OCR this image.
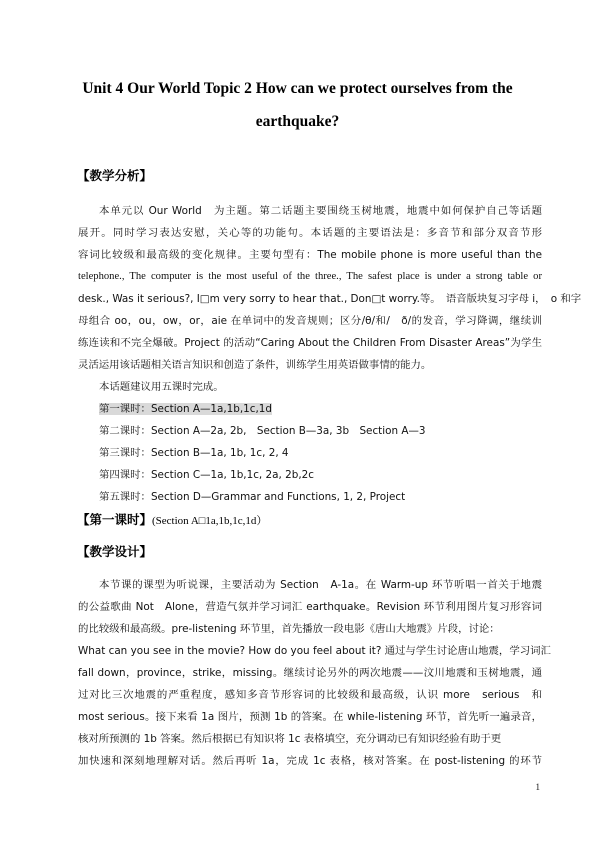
Unit 4 Our World Topic 2 How can we protect ourselves from the
earthquake?
【教学分析】
本单元以 Our World　为主题。第二话题主要围绕玉树地震，地震中如何保护自己等话题
展开。同时学习表达安慰，关心等的功能句。本话题的主要语法是：多音节和部分双音节形
容词比较级和最高级的变化规律。主要句型有：The mobile phone is more useful than the
telephone., The computer is the most useful of the three., The safest place is under a strong table or
desk., Was it serious?, I□m very sorry to hear that., Don□t worry.等。　语音版块复习字母 i，　o 和字
母组合 oo，ou，ow，or，aie 在单词中的发音规则；区分/θ/和/　ð/的发音，学习降调，继续训
练连读和不完全爆破。Project 的活动“Caring About the Children From Disaster Areas”为学生
灵活运用该话题相关语言知识和创造了条件，训练学生用英语做事情的能力。
本话题建议用五课时完成。
第一课时：Section A—1a,1b,1c,1d
第二课时：Section A—2a, 2b,　Section B—3a, 3b　Section A—3
第三课时：Section B—1a, 1b, 1c, 2, 4
第四课时：Section C—1a, 1b,1c, 2a, 2b,2c
第五课时：Section D—Grammar and Functions, 1, 2, Project
【第一课时】(Section A□1a,1b,1c,1d）
【教学设计】
本节课的课型为听说课，主要活动为 Section　A-1a。在 Warm-up 环节听唱一首关于地震
的公益歌曲 Not　Alone，营造气氛并学习词汇 earthquake。Revision 环节利用图片复习形容词
的比较级和最高级。pre-listening 环节里，首先播放一段电影《唐山大地震》片段，讨论：
What can you see in the movie? How do you feel about it? 通过与学生讨论唐山地震，学习词汇
fall down，province，strike，missing。继续讨论另外的两次地震——汶川地震和玉树地震，通
过对比三次地震的严重程度，感知多音节形容词的比较级和最高级，认识 more　serious　和
most serious。接下来看 1a 图片，预测 1b 的答案。在 while-listening 环节，首先听一遍录音，
核对所预测的 1b 答案。然后根据已有知识将 1c 表格填空，充分调动已有知识经验有助于更
加快速和深刻地理解对话。然后再听 1a，完成 1c 表格，核对答案。在 post-listening 的环节
1
